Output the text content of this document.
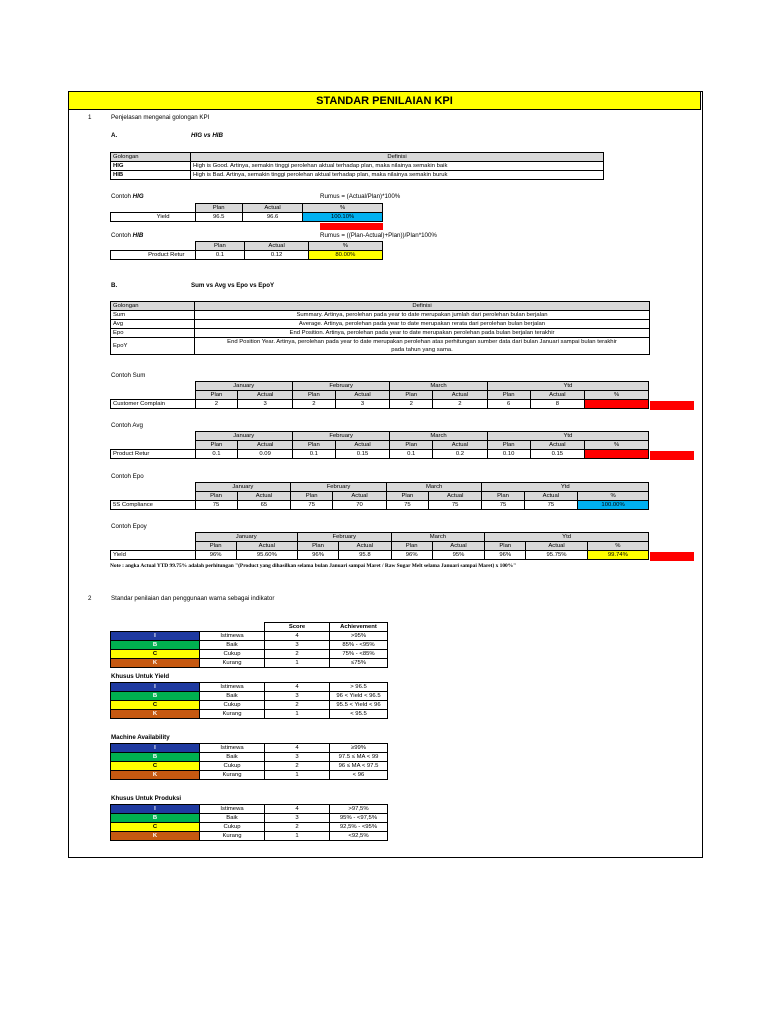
STANDAR PENILAIAN KPI
1	Penjelasan mengenai golongan KPI
A.	HIG vs HIB
Golongan	Definisi
HIG	High is Good. Artinya, semakin tinggi perolehan aktual terhadap plan, maka nilainya semakin baik
HIB	High is Bad. Artinya, semakin tinggi perolehan aktual terhadap plan, maka nilainya semakin buruk
Contoh HIG	Rumus = (Actual/Plan)*100%
	Plan	Actual	%
Yield	96.5	96.6	100.10%
Contoh HIB	Rumus = ((Plan-Actual)+Plan))/Plan*100%
	Plan	Actual	%
Product Retur	0.1	0.12	80.00%
B.	Sum vs Avg vs Epo vs EpoY
Golongan	Definisi
Sum	Summary. Artinya, perolehan pada year to date merupakan jumlah dari perolehan bulan berjalan
Avg	Average. Artinya, perolehan pada year to date merupakan rerata dari perolehan bulan berjalan
Epo	End Position. Artinya, perolehan pada year to date merupakan perolehan pada bulan berjalan terakhir
EpoY	End Position Year. Artinya, perolehan pada year to date merupakan perolehan atas perhitungan sumber data dari bulan Januari sampai bulan terakhir
pada tahun yang sama.
Contoh Sum
	January		February		March		Ytd		
	Plan	Actual	Plan	Actual	Plan	Actual	Plan	Actual	%
Customer Complain	2	3	2	3	2	2	6	8	66.67%
Contoh Avg
	January		February		March		Ytd		
	Plan	Actual	Plan	Actual	Plan	Actual	Plan	Actual	%
Product Retur	0.1	0.09	0.1	0.15	0.1	0.2	0.10	0.15	53.33%
Contoh Epo
	January		February		March		Ytd		
	Plan	Actual	Plan	Actual	Plan	Actual	Plan	Actual	%
5S Compliance	75	65	75	70	75	75	75	75	100.00%
Contoh Epoy
	January		February		March		Ytd		
	Plan	Actual	Plan	Actual	Plan	Actual	Plan	Actual	%
Yield	96%	95.60%	96%	95.8	96%	95%	96%	95.75%	99.74%
Note : angka Actual YTD 99.75% adalah perhitungan "(Product yang dihasilkan selama bulan Januari sampai Maret / Raw Sugar Melt selama Januari sampai Maret) x 100%"
2	Standar penilaian dan penggunaan warna sebagai indikator
		Score	Achievement
I	Istimewa	4	>95%
B	Baik	3	85% - <95%
C	Cukup	2	75% - <85%
K	Kurang	1	≤75%
Khusus Untuk Yield
I	Istimewa	4	> 96.5
B	Baik	3	96 < Yield < 96.5
C	Cukup	2	95.5 < Yield < 96
K	Kurang	1	< 95.5
Machine Availability
I	Istimewa	4	≥99%
B	Baik	3	97.5 ≤ MA < 99
C	Cukup	2	96 ≤ MA < 97.5
K	Kurang	1	< 96
Khusus Untuk Produksi
I	Istimewa	4	>97,5%
B	Baik	3	95% - <97,5%
C	Cukup	2	92,5% - <95%
K	Kurang	1	<92,5%
